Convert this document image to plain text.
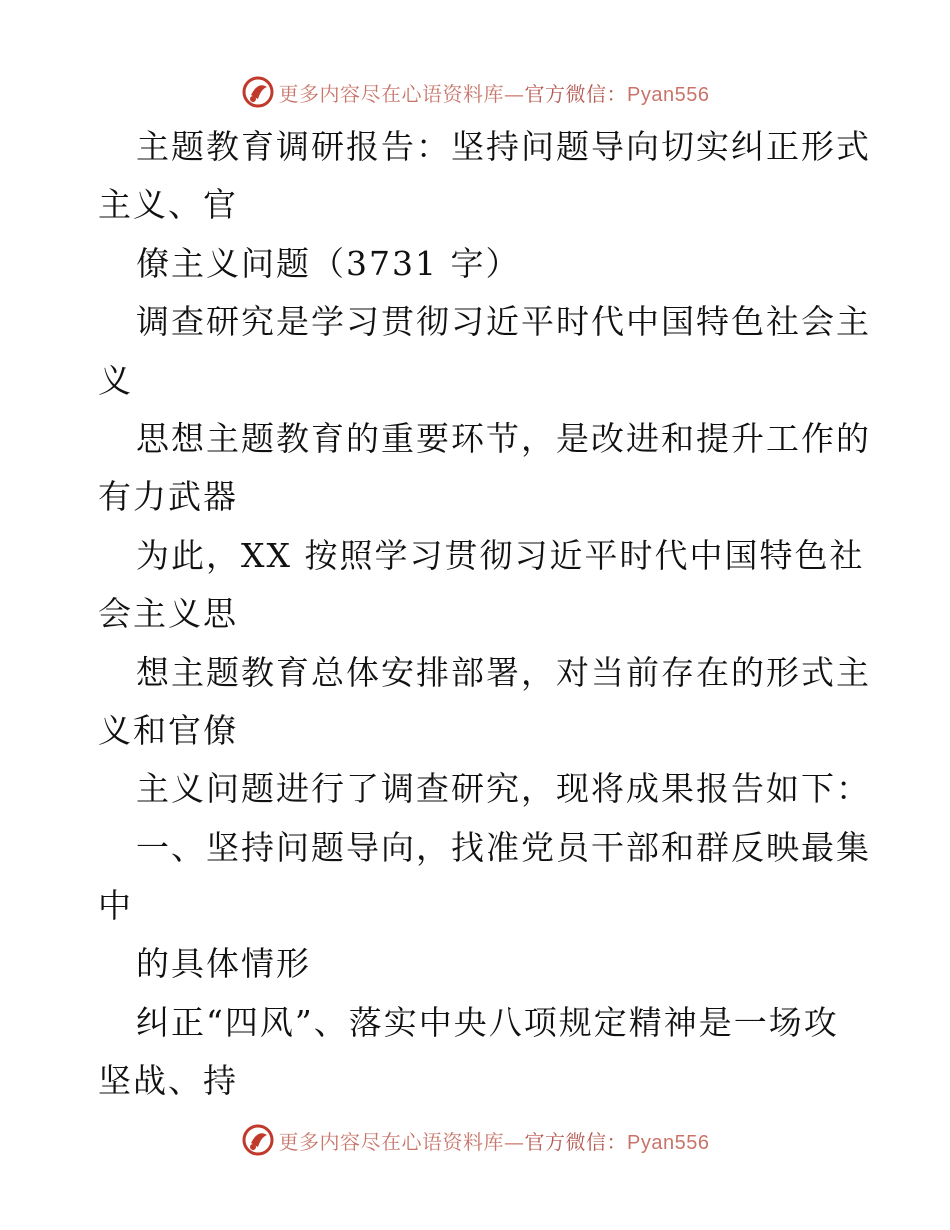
更多内容尽在心语资料库—官方微信：Pyan556
主题教育调研报告：坚持问题导向切实纠正形式
主义、官
僚主义问题（3731 字）
调查研究是学习贯彻习近平时代中国特色社会主
义
思想主题教育的重要环节，是改进和提升工作的
有力武器
为此，XX 按照学习贯彻习近平时代中国特色社
会主义思
想主题教育总体安排部署，对当前存在的形式主
义和官僚
主义问题进行了调查研究，现将成果报告如下：
一、坚持问题导向，找准党员干部和群反映最集
中
的具体情形
纠正“四风”、落实中央八项规定精神是一场攻
坚战、持
更多内容尽在心语资料库—官方微信：Pyan556
